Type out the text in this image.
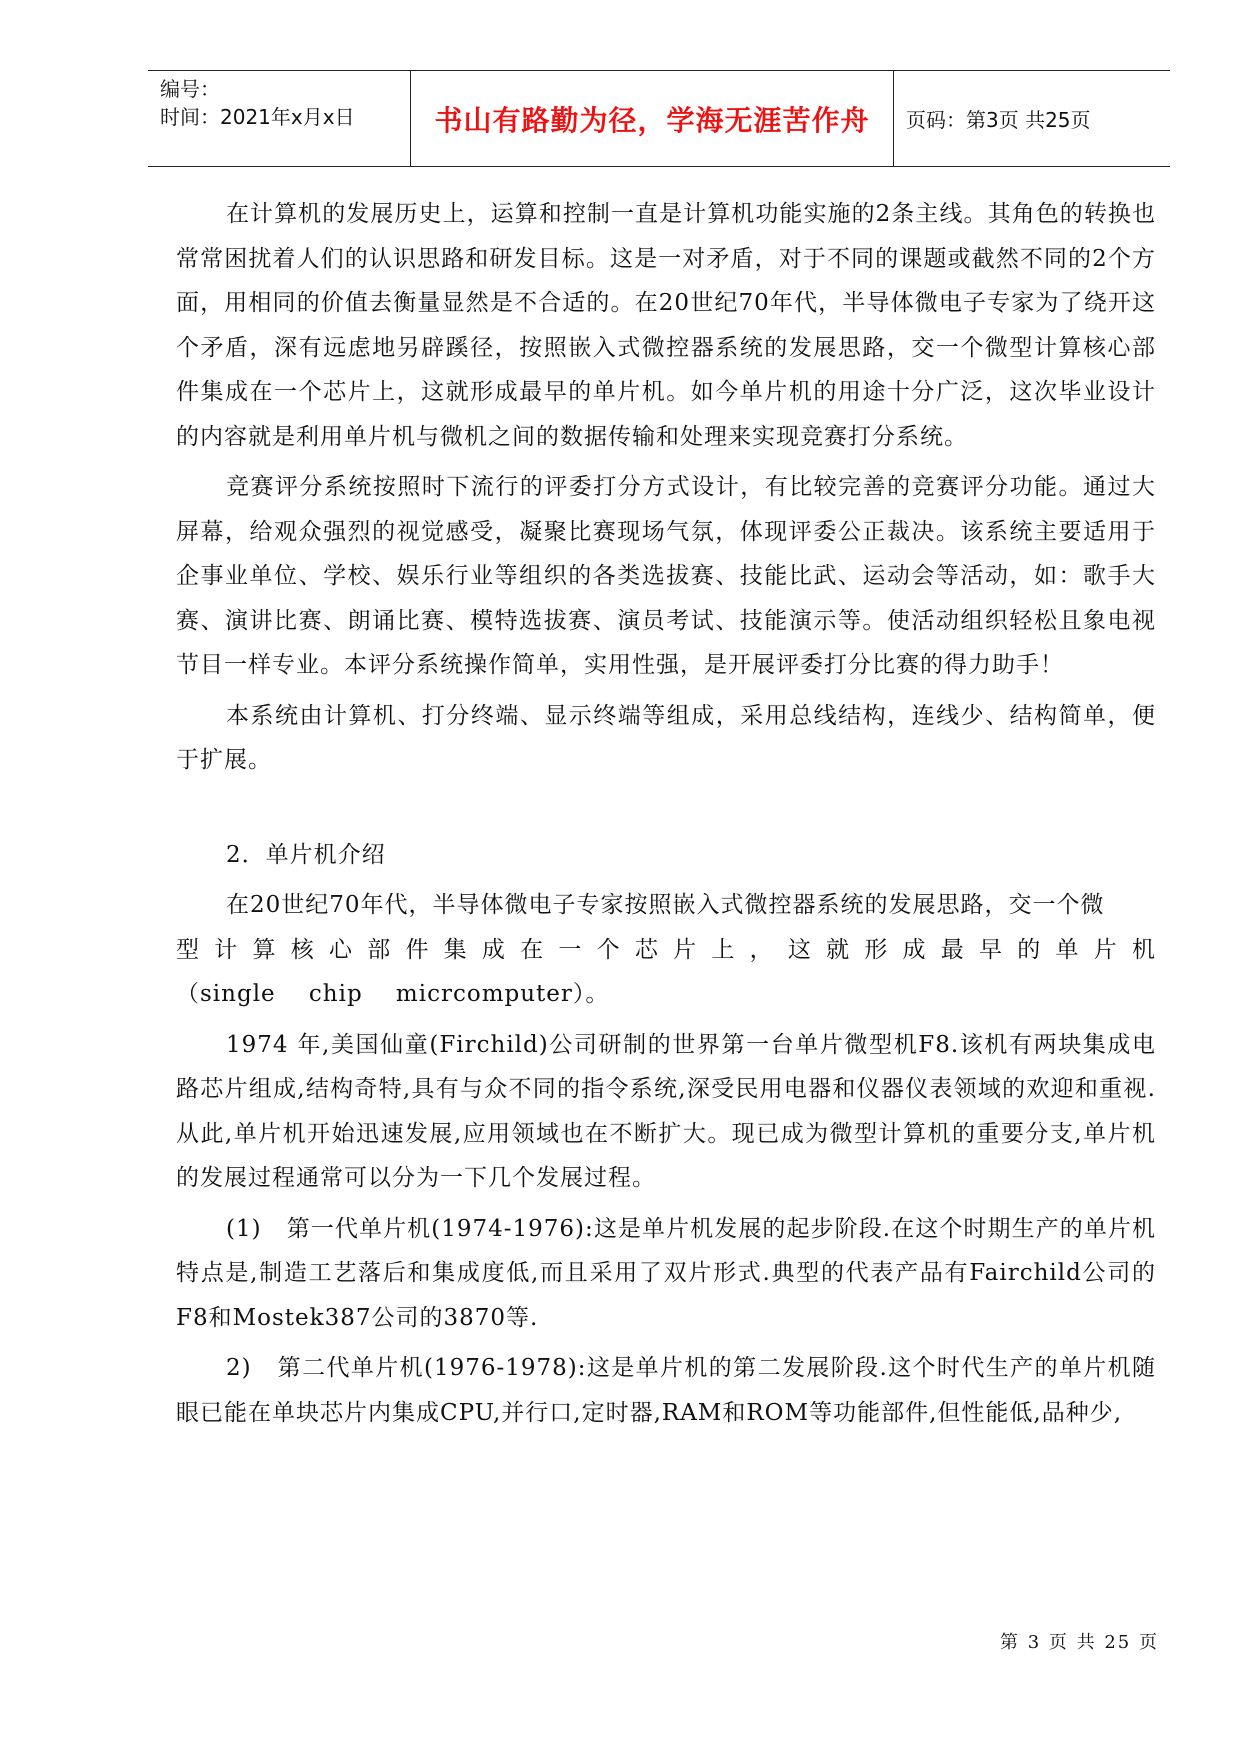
编号：
时间：2021年x月x日	书山有路勤为径，学海无涯苦作舟 页码：第3页 共25页

在计算机的发展历史上，运算和控制一直是计算机功能实施的2条主线。其角色的转换也常常困扰着人们的认识思路和研发目标。这是一对矛盾，对于不同的课题或截然不同的2个方面，用相同的价值去衡量显然是不合适的。在20世纪70年代，半导体微电子专家为了绕开这个矛盾，深有远虑地另辟蹊径，按照嵌入式微控器系统的发展思路，交一个微型计算核心部件集成在一个芯片上，这就形成最早的单片机。如今单片机的用途十分广泛，这次毕业设计的内容就是利用单片机与微机之间的数据传输和处理来实现竞赛打分系统。

竞赛评分系统按照时下流行的评委打分方式设计，有比较完善的竞赛评分功能。通过大屏幕，给观众强烈的视觉感受，凝聚比赛现场气氛，体现评委公正裁决。该系统主要适用于企事业单位、学校、娱乐行业等组织的各类选拔赛、技能比武、运动会等活动，如：歌手大赛、演讲比赛、朗诵比赛、模特选拔赛、演员考试、技能演示等。使活动组织轻松且象电视节目一样专业。本评分系统操作简单，实用性强，是开展评委打分比赛的得力助手！

本系统由计算机、打分终端、显示终端等组成，采用总线结构，连线少、结构简单，便于扩展。

2．单片机介绍

在20世纪70年代，半导体微电子专家按照嵌入式微控器系统的发展思路，交一个微

型计算核心部件集成在一个芯片上，这就形成最早的单片机

（single    chip    micrcomputer）。

1974 年,美国仙童(Firchild)公司研制的世界第一台单片微型机F8.该机有两块集成电路芯片组成,结构奇特,具有与众不同的指令系统,深受民用电器和仪器仪表领域的欢迎和重视.从此,单片机开始迅速发展,应用领域也在不断扩大。现已成为微型计算机的重要分支,单片机的发展过程通常可以分为一下几个发展过程。

(1)   第一代单片机(1974-1976):这是单片机发展的起步阶段.在这个时期生产的单片机特点是,制造工艺落后和集成度低,而且采用了双片形式.典型的代表产品有Fairchild公司的F8和Mostek387公司的3870等.

2)   第二代单片机(1976-1978):这是单片机的第二发展阶段.这个时代生产的单片机随眼已能在单块芯片内集成CPU,并行口,定时器,RAM和ROM等功能部件,但性能低,品种少,

第 3 页 共 25 页
